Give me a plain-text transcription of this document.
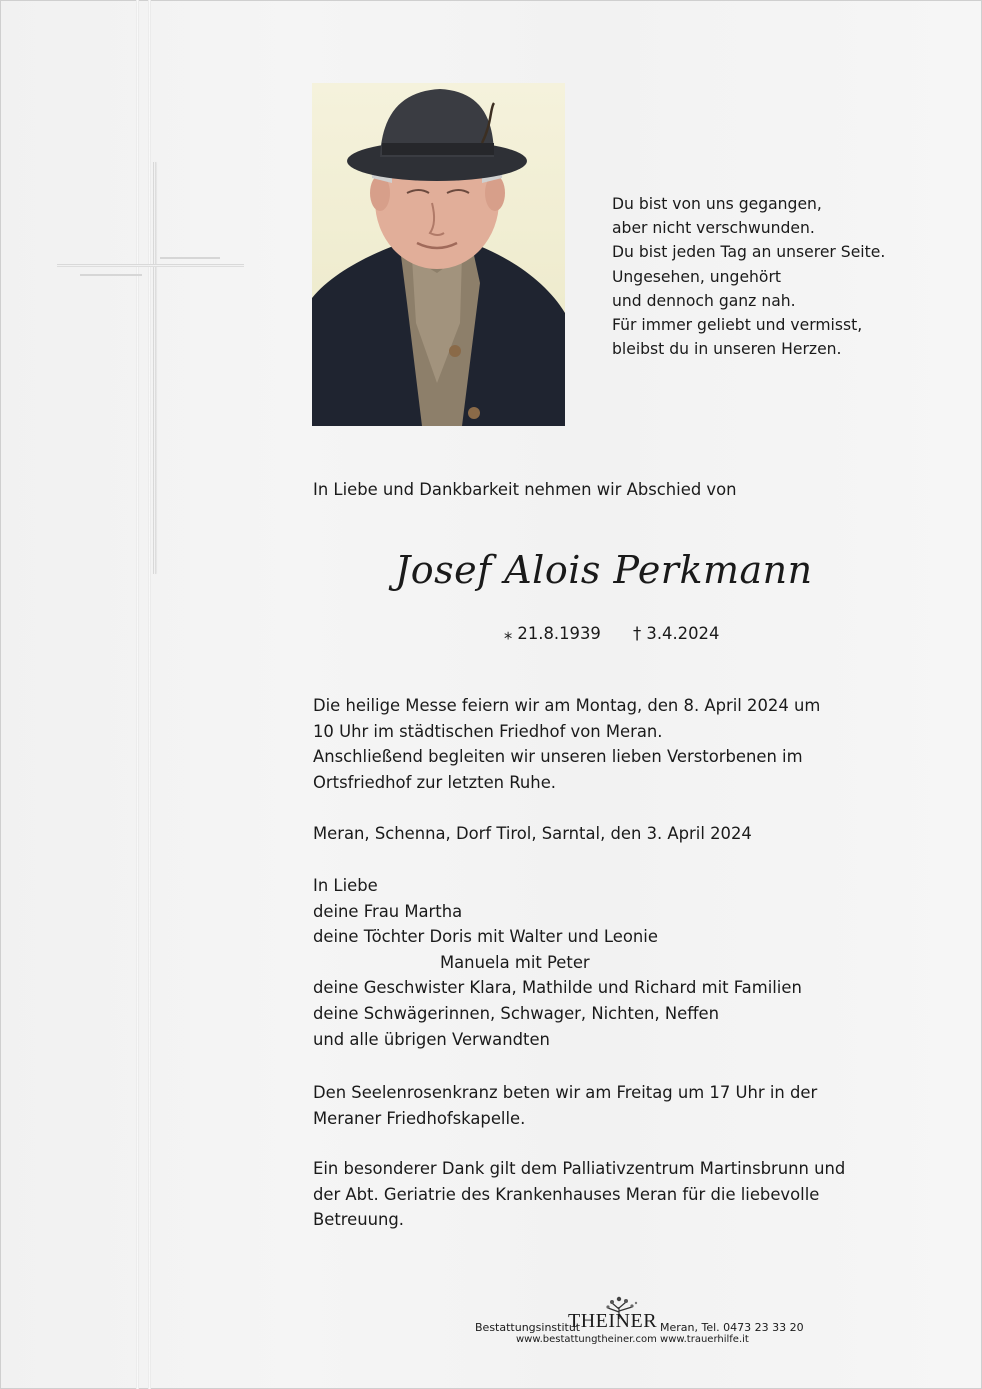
Du bist von uns gegangen,
aber nicht verschwunden.
Du bist jeden Tag an unserer Seite.
Ungesehen, ungehört
und dennoch ganz nah.
Für immer geliebt und vermisst,
bleibst du in unseren Herzen.
In Liebe und Dankbarkeit nehmen wir Abschied von
Josef Alois Perkmann
⁎ 21.8.1939 † 3.4.2024
Die heilige Messe feiern wir am Montag, den 8. April 2024 um
10 Uhr im städtischen Friedhof von Meran.
Anschließend begleiten wir unseren lieben Verstorbenen im
Ortsfriedhof zur letzten Ruhe.
Meran, Schenna, Dorf Tirol, Sarntal, den 3. April 2024
In Liebe
deine Frau Martha
deine Töchter Doris mit Walter und Leonie
Manuela mit Peter
deine Geschwister Klara, Mathilde und Richard mit Familien
deine Schwägerinnen, Schwager, Nichten, Neffen
und alle übrigen Verwandten
Den Seelenrosenkranz beten wir am Freitag um 17 Uhr in der
Meraner Friedhofskapelle.
Ein besonderer Dank gilt dem Palliativzentrum Martinsbrunn und
der Abt. Geriatrie des Krankenhauses Meran für die liebevolle
Betreuung.
Bestattungsinstitut
THEINER Meran, Tel. 0473 23 33 20
www.bestattungtheiner.com www.trauerhilfe.it
